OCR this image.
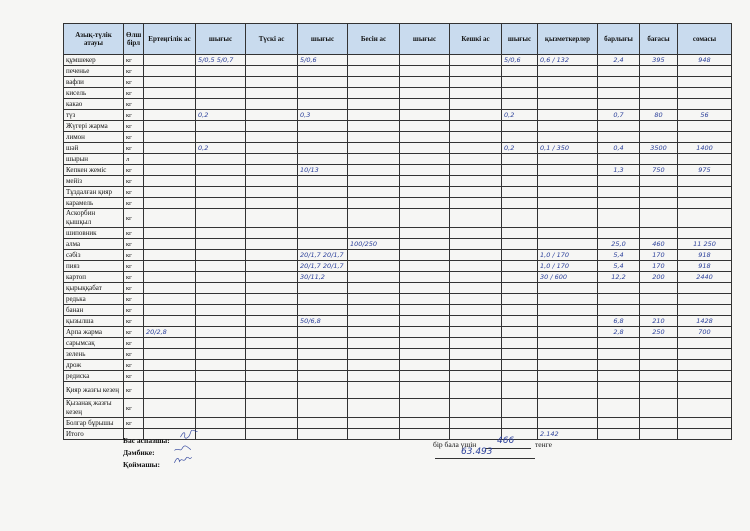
Азық-түлік атауы	Өлш бірл	Ертеңгілік ас	шығыс	Түскі ас	шығыс	Бесін ас	шығыс	Кешкі ас	шығыс	қызметкерлер	барлығы	бағасы	сомасы
құмшекер	кг		5/0,5 5/0,7		5/0,6				5/0,6	0,6 / 132	2,4	395	948
печенье	кг												
вафли	кг												
кисель	кг												
какао	кг												
түз	кг		0,2		0,3				0,2		0,7	80	56
Жүгері жарма	кг												
лимон	кг												
шәй	кг		0,2						0,2	0,1 / 350	0,4	3500	1400
шырын	л												
Кепкен жеміс	кг				10/13						1,3	750	975
мейіз	кг												
Тұздалған қияр	кг												
карамель	кг												
Аскорбин қышқыл	кг												
шиповник	кг												
алма	кг					100/250					25,0	460	11 250
сәбіз	кг				20/1,7 20/1,7					1,0 / 170	5,4	170	918
пияз	кг				20/1,7 20/1,7					1,0 / 170	5,4	170	918
картоп	кг				30/11,2					30 / 600	12,2	200	2440
қырыққабат	кг												
редька	кг												
банан	кг												
қызылша	кг				50/6,8						6,8	210	1428
Арпа жарма	кг	20/2,8									2,8	250	700
сарымсақ	кг												
зелень	кг												
дрож	кг												
редиска	кг												
Қияр жазғы кезең	кг												
Қызанақ жазғы кезең	кг												
Болгар бұрышы	кг												
Итого										2.142			
Бас аспазшы:
Дәмбике:
Қоймашы:
бір бала үшін 466	тенге
63.493
